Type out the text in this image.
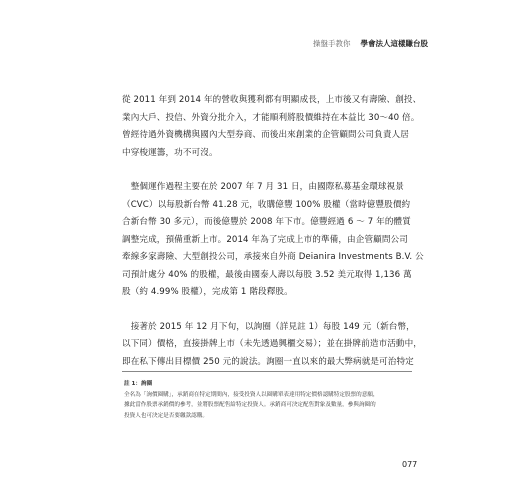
操盤手教你 學會法人這樣賺台股

從 2011 年到 2014 年的營收與獲利都有明顯成長，上市後又有壽險、創投、
業內大戶、投信、外資分批介入，才能順利將股價維持在本益比 30～40 倍。
曾經待過外資機構與國內大型券商、而後出來創業的企管顧問公司負責人居
中穿梭運籌，功不可沒。

　整個運作過程主要在於 2007 年 7 月 31 日，由國際私募基金環球視景
（CVC）以每股新台幣 41.28 元，收購億豐 100% 股權（當時億豐股價約
合新台幣 30 多元），而後億豐於 2008 年下市。億豐經過 6 ～ 7 年的體質
調整完成，預備重新上市。2014 年為了完成上市的準備，由企管顧問公司
牽線多家壽險、大型創投公司，承接來自外商 Deianira Investments B.V. 公
司預計處分 40% 的股權，最後由國泰人壽以每股 3.52 美元取得 1,136 萬
股（約 4.99% 股權），完成第 1 階段釋股。

　接著於 2015 年 12 月下旬，以詢圈（詳見註 1）每股 149 元（新台幣，
以下同）價格，直接掛牌上市（未先透過興櫃交易）；並在掛牌前造市活動中，
即在私下傳出目標價 250 元的說法。詢圈一直以來的最大弊病就是可治特定

註 1：詢圈
全名為「詢價圈購」，承銷商在特定期間內，接受投資人以圈購單表達用特定價格認購特定股票的意願，
據此當作股票承銷價的參考，並將股票配售給特定投資人。承銷商可決定配售對象及數量，參與詢圈的
投資人也可決定是否要繳款認購。
077
